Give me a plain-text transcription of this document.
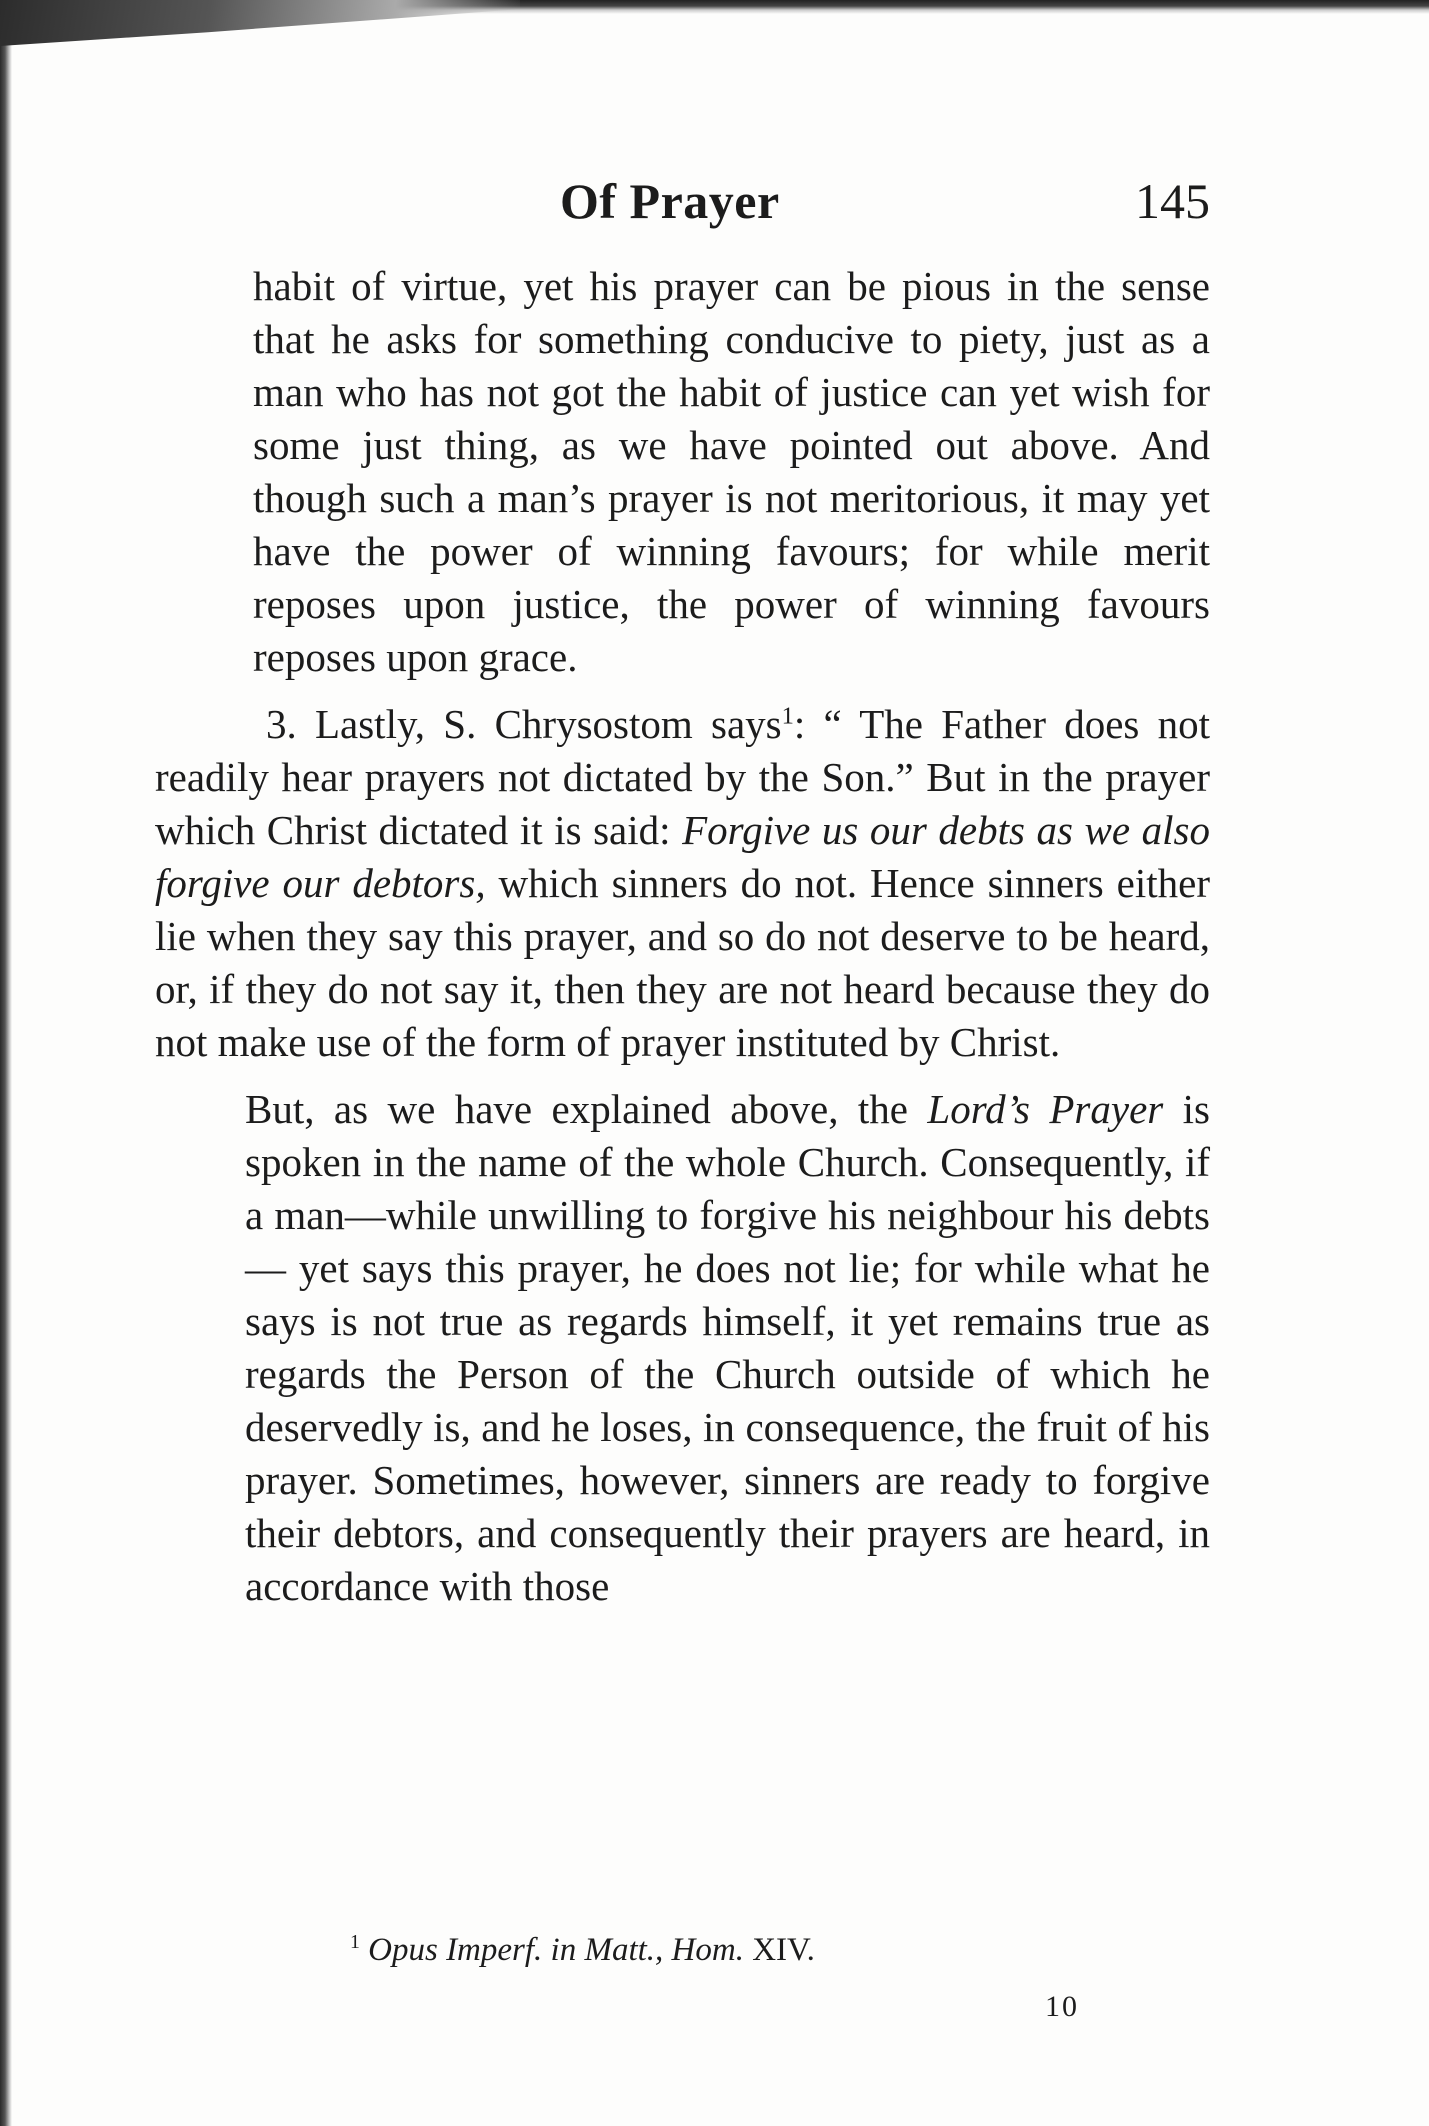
Of Prayer	145

habit of virtue, yet his prayer can be pious in the sense that he asks for something conducive to piety, just as a man who has not got the habit of justice can yet wish for some just thing, as we have pointed out above. And though such a man’s prayer is not meritorious, it may yet have the power of winning favours; for while merit reposes upon justice, the power of winning favours reposes upon grace.

3. Lastly, S. Chrysostom says$^1$: “ The Father does not readily hear prayers not dictated by the Son.” But in the prayer which Christ dictated it is said: Forgive us our debts as we also forgive our debtors, which sinners do not. Hence sinners either lie when they say this prayer, and so do not deserve to be heard, or, if they do not say it, then they are not heard because they do not make use of the form of prayer instituted by Christ.

But, as we have explained above, the Lord’s Prayer is spoken in the name of the whole Church. Consequently, if a man—while unwilling to forgive his neighbour his debts— yet says this prayer, he does not lie; for while what he says is not true as regards himself, it yet remains true as regards the Person of the Church outside of which he deservedly is, and he loses, in consequence, the fruit of his prayer. Sometimes, however, sinners are ready to forgive their debtors, and consequently their prayers are heard, in accordance with those

$^1$ Opus Imperf. in Matt., Hom. XIV.
10
